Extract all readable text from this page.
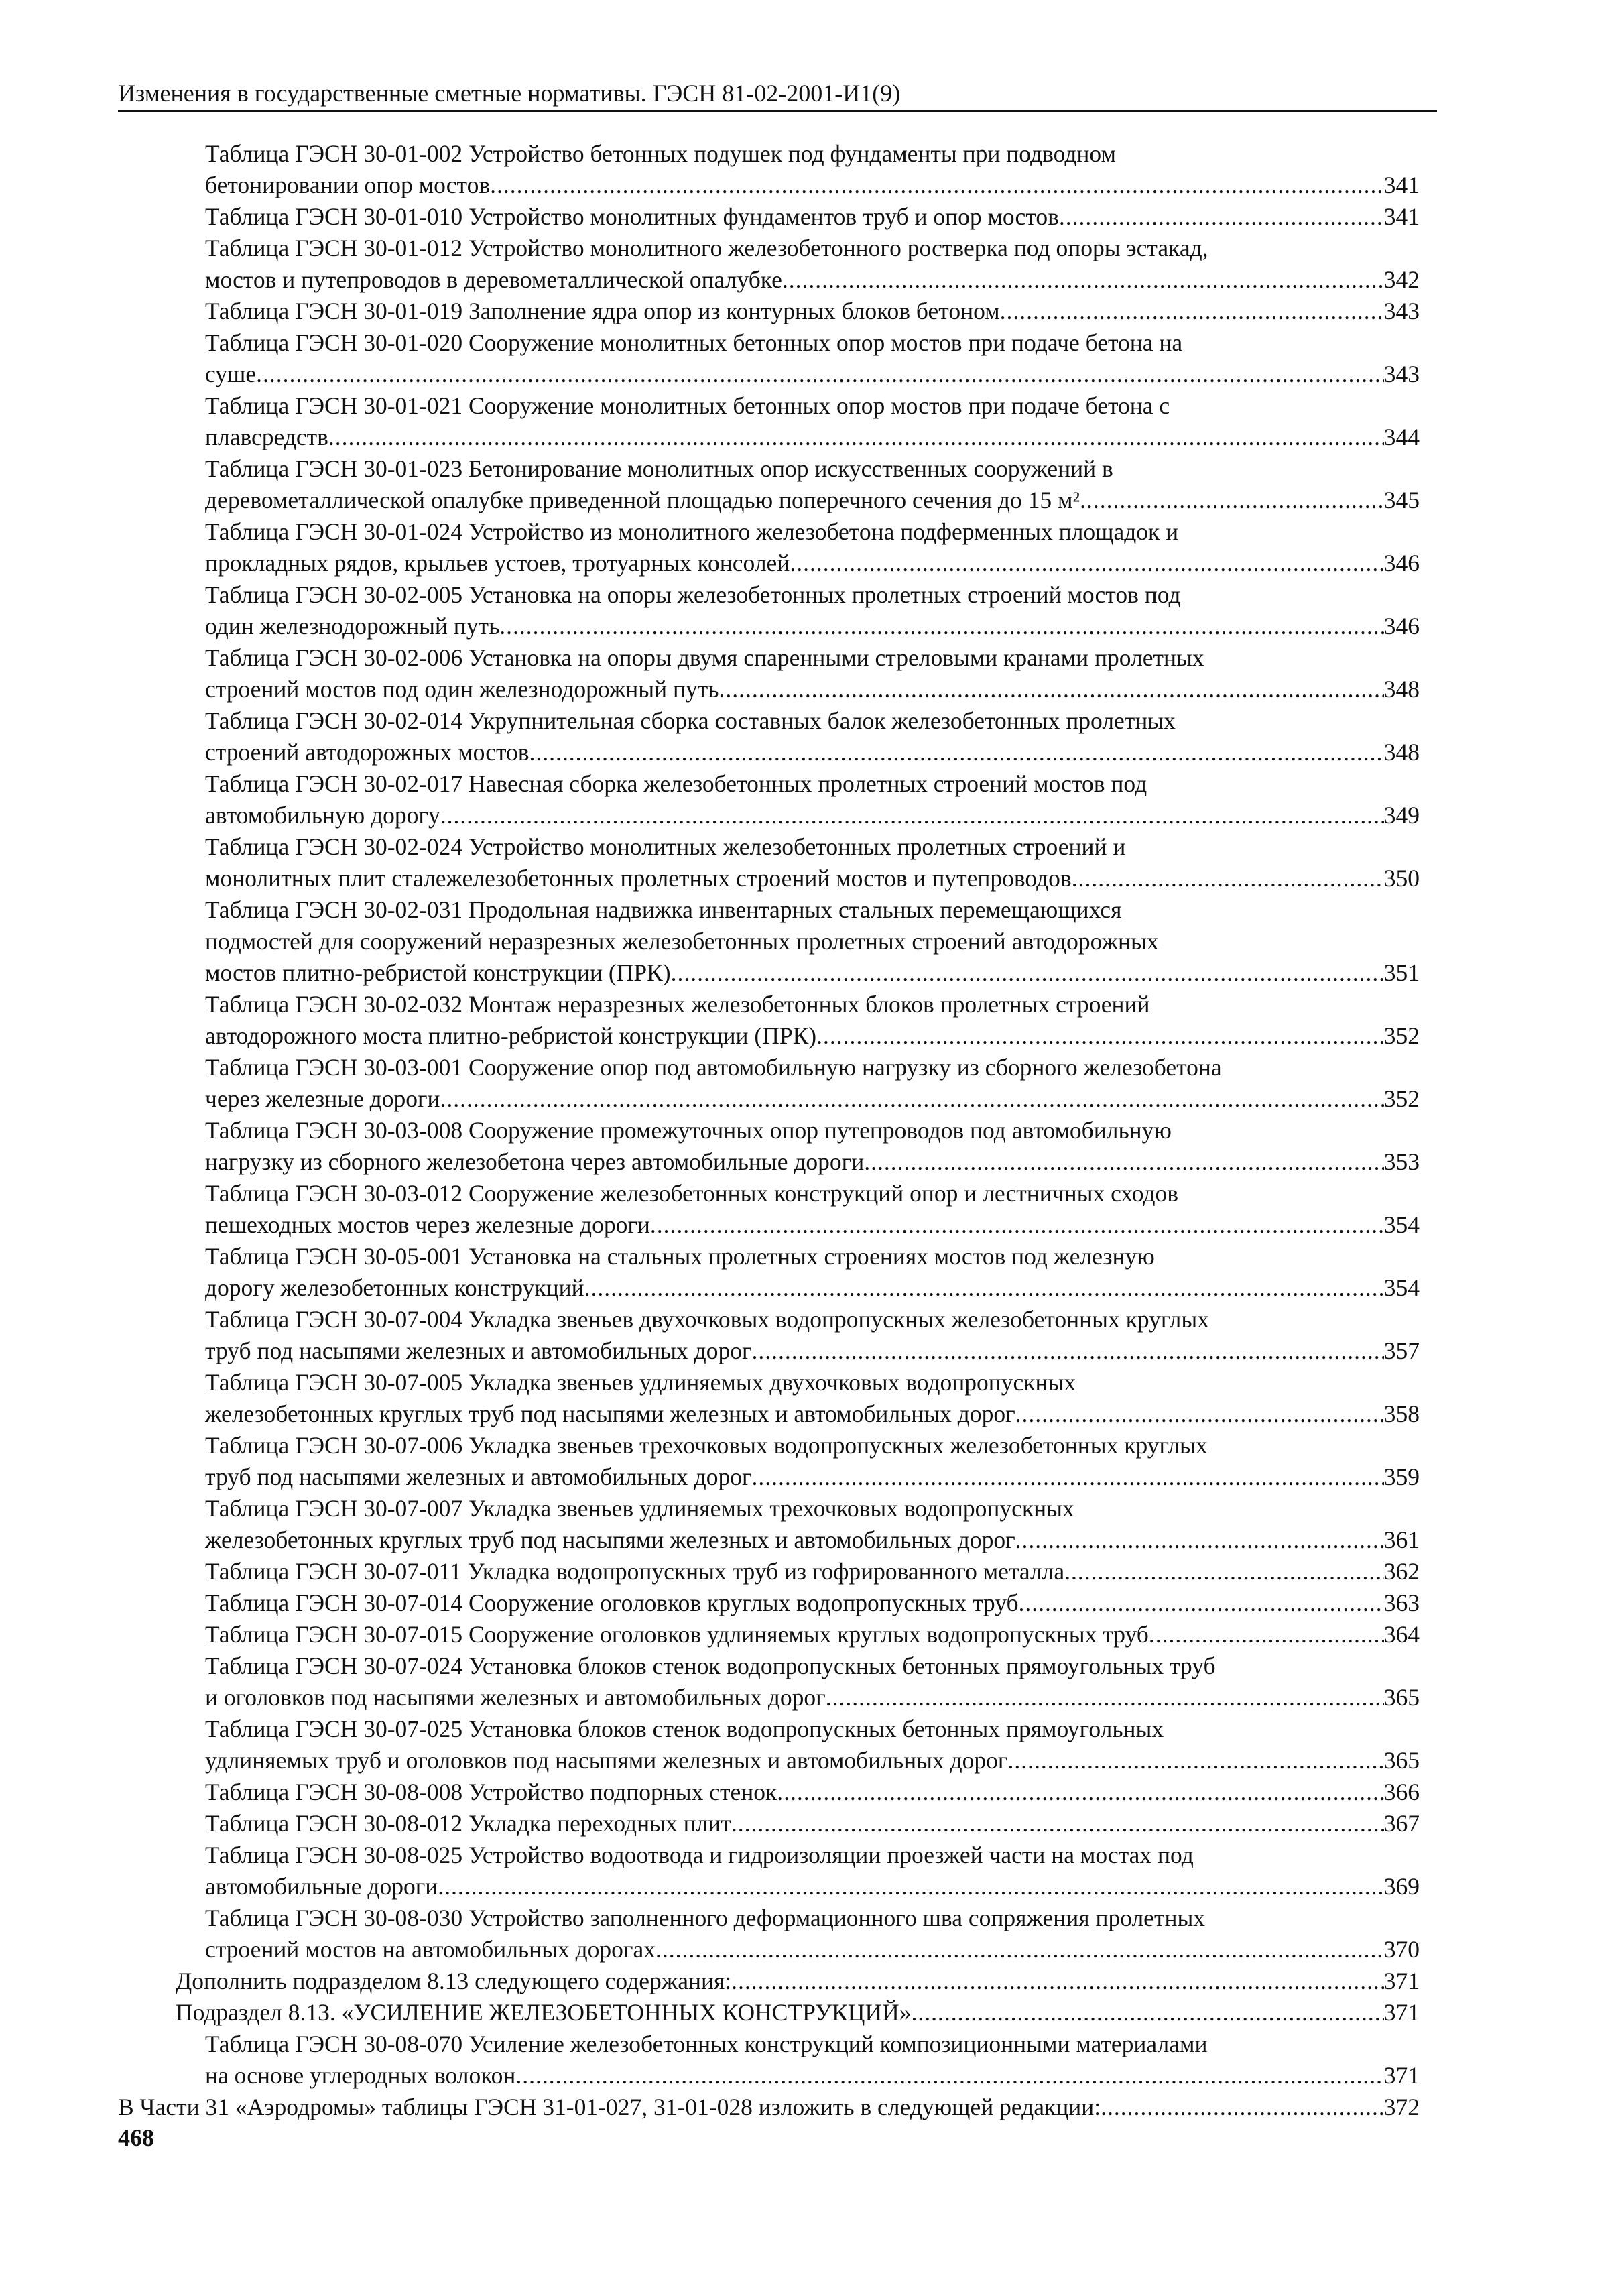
Изменения в государственные сметные нормативы. ГЭСН 81-02-2001-И1(9)
Таблица ГЭСН 30-01-002 Устройство бетонных подушек под фундаменты при подводном
бетонировании опор мостов .....	341
Таблица ГЭСН 30-01-010 Устройство монолитных фундаментов труб и опор мостов .....	341
Таблица ГЭСН 30-01-012 Устройство монолитного железобетонного ростверка под опоры эстакад,
мостов и путепроводов в деревометаллической опалубке .....	342
Таблица ГЭСН 30-01-019 Заполнение ядра опор из контурных блоков бетоном .....	343
Таблица ГЭСН 30-01-020 Сооружение монолитных бетонных опор мостов при подаче бетона на
суше .....	343
Таблица ГЭСН 30-01-021 Сооружение монолитных бетонных опор мостов при подаче бетона с
плавсредств .....	344
Таблица ГЭСН 30-01-023 Бетонирование монолитных опор искусственных сооружений в
деревометаллической опалубке приведенной площадью поперечного сечения до 15 м² .....	345
Таблица ГЭСН 30-01-024 Устройство из монолитного железобетона подферменных площадок и
прокладных рядов, крыльев устоев, тротуарных консолей .....	346
Таблица ГЭСН 30-02-005 Установка на опоры железобетонных пролетных строений мостов под
один железнодорожный путь .....	346
Таблица ГЭСН 30-02-006 Установка на опоры двумя спаренными стреловыми кранами пролетных
строений мостов под один железнодорожный путь .....	348
Таблица ГЭСН 30-02-014 Укрупнительная сборка составных балок железобетонных пролетных
строений автодорожных мостов .....	348
Таблица ГЭСН 30-02-017 Навесная сборка железобетонных пролетных строений мостов под
автомобильную дорогу .....	349
Таблица ГЭСН 30-02-024 Устройство монолитных железобетонных пролетных строений и
монолитных плит сталежелезобетонных пролетных строений мостов и путепроводов .....	350
Таблица ГЭСН 30-02-031 Продольная надвижка инвентарных стальных перемещающихся
подмостей для сооружений неразрезных железобетонных пролетных строений автодорожных
мостов плитно-ребристой конструкции (ПРК) .....	351
Таблица ГЭСН 30-02-032 Монтаж неразрезных железобетонных блоков пролетных строений
автодорожного моста плитно-ребристой конструкции (ПРК) .....	352
Таблица ГЭСН 30-03-001 Сооружение опор под автомобильную нагрузку из сборного железобетона
через железные дороги .....	352
Таблица ГЭСН 30-03-008 Сооружение промежуточных опор путепроводов под автомобильную
нагрузку из сборного железобетона через автомобильные дороги .....	353
Таблица ГЭСН 30-03-012 Сооружение железобетонных конструкций опор и лестничных сходов
пешеходных мостов через железные дороги .....	354
Таблица ГЭСН 30-05-001 Установка на стальных пролетных строениях мостов под железную
дорогу железобетонных конструкций .....	354
Таблица ГЭСН 30-07-004 Укладка звеньев двухочковых водопропускных железобетонных круглых
труб под насыпями железных и автомобильных дорог .....	357
Таблица ГЭСН 30-07-005 Укладка звеньев удлиняемых двухочковых водопропускных
железобетонных круглых труб под насыпями железных и автомобильных дорог .....	358
Таблица ГЭСН 30-07-006 Укладка звеньев трехочковых водопропускных железобетонных круглых
труб под насыпями железных и автомобильных дорог .....	359
Таблица ГЭСН 30-07-007 Укладка звеньев удлиняемых трехочковых водопропускных
железобетонных круглых труб под насыпями железных и автомобильных дорог .....	361
Таблица ГЭСН 30-07-011 Укладка водопропускных труб из гофрированного металла .....	362
Таблица ГЭСН 30-07-014 Сооружение оголовков круглых водопропускных труб .....	363
Таблица ГЭСН 30-07-015 Сооружение оголовков удлиняемых круглых водопропускных труб .....	364
Таблица ГЭСН 30-07-024 Установка блоков стенок водопропускных бетонных прямоугольных труб
и оголовков под насыпями железных и автомобильных дорог .....	365
Таблица ГЭСН 30-07-025 Установка блоков стенок водопропускных бетонных прямоугольных
удлиняемых труб и оголовков под насыпями железных и автомобильных дорог .....	365
Таблица ГЭСН 30-08-008 Устройство подпорных стенок .....	366
Таблица ГЭСН 30-08-012 Укладка переходных плит .....	367
Таблица ГЭСН 30-08-025 Устройство водоотвода и гидроизоляции проезжей части на мостах под
автомобильные дороги .....	369
Таблица ГЭСН 30-08-030 Устройство заполненного деформационного шва сопряжения пролетных
строений мостов на автомобильных дорогах .....	370
Дополнить подразделом 8.13 следующего содержания: .....	371
Подраздел 8.13. «УСИЛЕНИЕ ЖЕЛЕЗОБЕТОННЫХ КОНСТРУКЦИЙ» .....	371
Таблица ГЭСН 30-08-070 Усиление железобетонных конструкций композиционными материалами
на основе углеродных волокон .....	371
В Части 31 «Аэродромы» таблицы ГЭСН 31-01-027, 31-01-028 изложить в следующей редакции: .....	372
468
